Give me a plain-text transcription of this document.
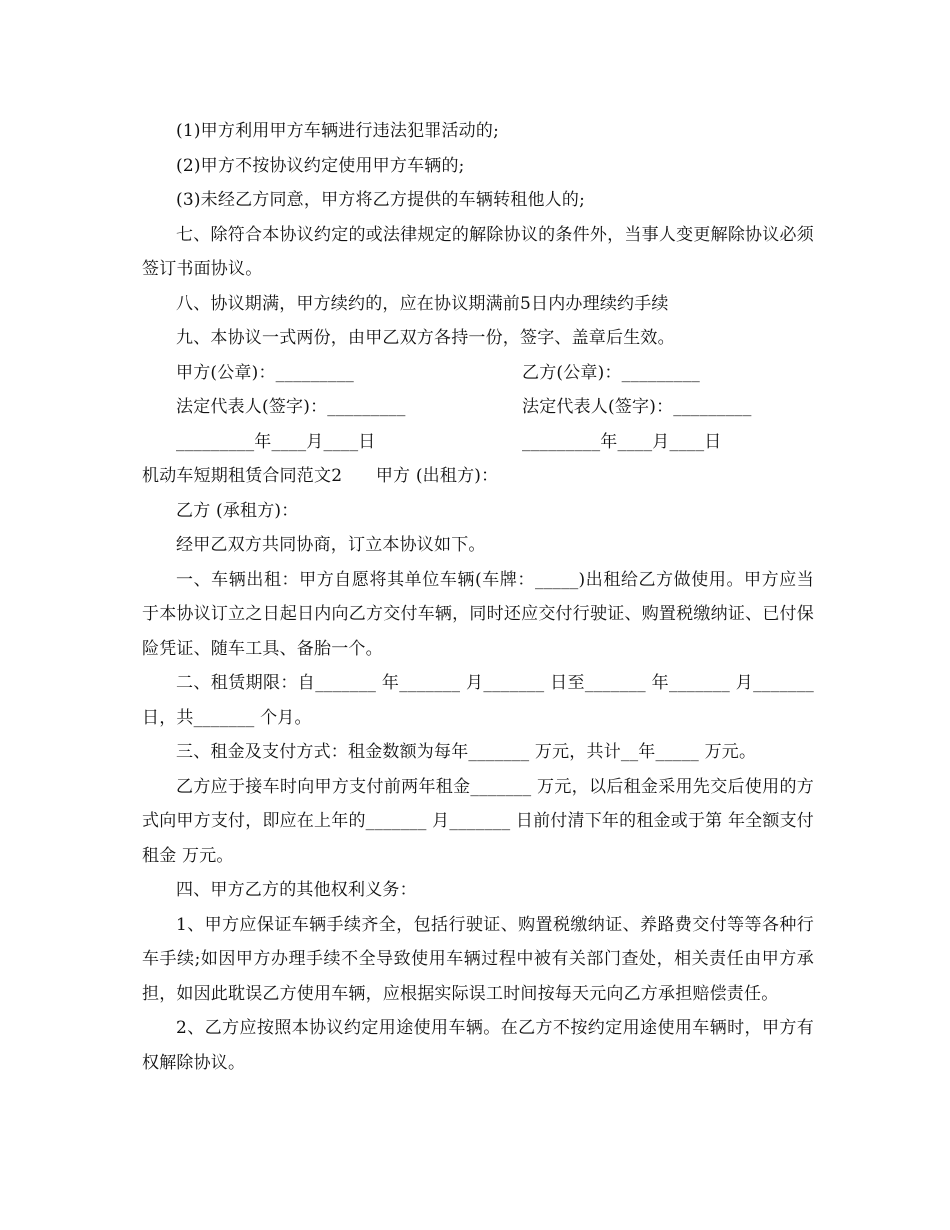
(1)甲方利用甲方车辆进行违法犯罪活动的;

(2)甲方不按协议约定使用甲方车辆的;

(3)未经乙方同意，甲方将乙方提供的车辆转租他人的;

七、除符合本协议约定的或法律规定的解除协议的条件外，当事人变更解除协议必须签订书面协议。

八、协议期满，甲方续约的，应在协议期满前5日内办理续约手续

九、本协议一式两份，由甲乙双方各持一份，签字、盖章后生效。

甲方(公章)：_________	乙方(公章)：_________
法定代表人(签字)：_________	法定代表人(签字)：_________
_________年____月____日	_________年____月____日
机动车短期租赁合同范文2 甲方 (出租方)：

乙方 (承租方)：

经甲乙双方共同协商，订立本协议如下。

一、车辆出租：甲方自愿将其单位车辆(车牌：_____)出租给乙方做使用。甲方应当于本协议订立之日起日内向乙方交付车辆，同时还应交付行驶证、购置税缴纳证、已付保险凭证、随车工具、备胎一个。

二、租赁期限：自_______ 年_______ 月_______ 日至_______ 年_______ 月_______ 日，共_______ 个月。

三、租金及支付方式：租金数额为每年_______ 万元，共计__年_____ 万元。

乙方应于接车时向甲方支付前两年租金_______ 万元，以后租金采用先交后使用的方式向甲方支付，即应在上年的_______ 月_______ 日前付清下年的租金或于第 年全额支付租金 万元。

四、甲方乙方的其他权利义务：

1、甲方应保证车辆手续齐全，包括行驶证、购置税缴纳证、养路费交付等等各种行车手续;如因甲方办理手续不全导致使用车辆过程中被有关部门查处，相关责任由甲方承担，如因此耽误乙方使用车辆，应根据实际误工时间按每天元向乙方承担赔偿责任。

2、乙方应按照本协议约定用途使用车辆。在乙方不按约定用途使用车辆时，甲方有权解除协议。
